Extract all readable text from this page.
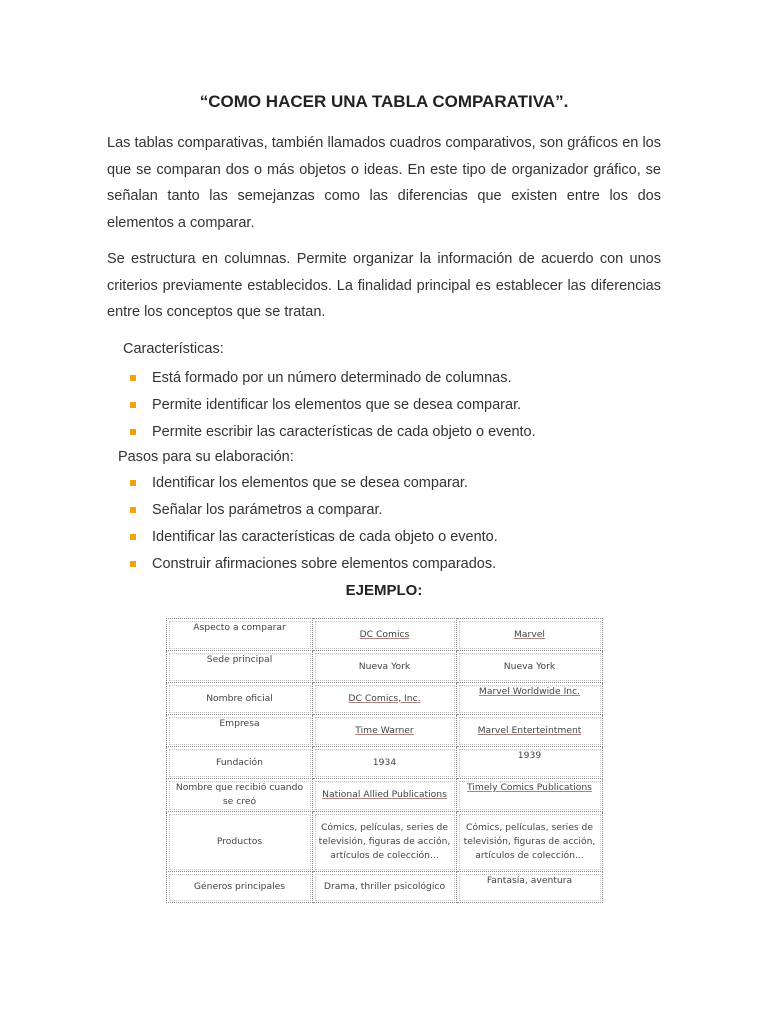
“COMO HACER UNA TABLA COMPARATIVA”.
Las tablas comparativas, también llamados cuadros comparativos, son gráficos en los que se comparan dos o más objetos o ideas. En este tipo de organizador gráfico, se señalan tanto las semejanzas como las diferencias que existen entre los dos elementos a comparar.
Se estructura en columnas. Permite organizar la información de acuerdo con unos criterios previamente establecidos. La finalidad principal es establecer las diferencias entre los conceptos que se tratan.
Características:
Está formado por un número determinado de columnas.
Permite identificar los elementos que se desea comparar.
Permite escribir las características de cada objeto o evento.
Pasos para su elaboración:
Identificar los elementos que se desea comparar.
Señalar los parámetros a comparar.
Identificar las características de cada objeto o evento.
Construir afirmaciones sobre elementos comparados.
EJEMPLO:
Aspecto a comparar	DC Comics	Marvel
Sede principal	Nueva York	Nueva York
Nombre oficial	DC Comics, Inc.	Marvel Worldwide Inc.
Empresa	Time Warner	Marvel Enterteintment
Fundación	1934	1939
Nombre que recibió cuando se creó	National Allied Publications	Timely Comics Publications
Productos	Cómics, películas, series de televisión, figuras de acción, artículos de colección...	Cómics, películas, series de televisión, figuras de acción, artículos de colección...
Géneros principales	Drama, thriller psicológico	Fantasía, aventura
